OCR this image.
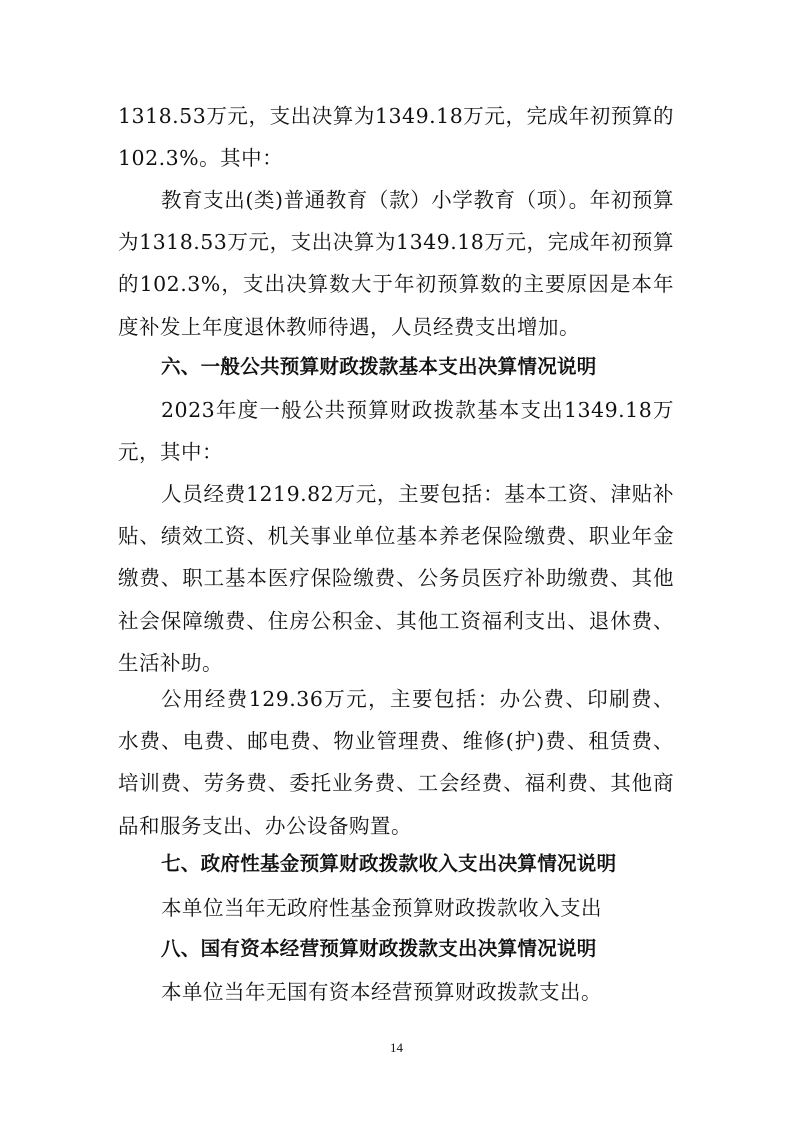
1318.53万元，支出决算为1349.18万元，完成年初预算的102.3%。其中：

教育支出(类)普通教育（款）小学教育（项）。年初预算为1318.53万元，支出决算为1349.18万元，完成年初预算的102.3%，支出决算数大于年初预算数的主要原因是本年度补发上年度退休教师待遇，人员经费支出增加。

六、一般公共预算财政拨款基本支出决算情况说明

2023年度一般公共预算财政拨款基本支出1349.18万元，其中：

人员经费1219.82万元，主要包括：基本工资、津贴补贴、绩效工资、机关事业单位基本养老保险缴费、职业年金缴费、职工基本医疗保险缴费、公务员医疗补助缴费、其他社会保障缴费、住房公积金、其他工资福利支出、退休费、生活补助。

公用经费129.36万元，主要包括：办公费、印刷费、水费、电费、邮电费、物业管理费、维修(护)费、租赁费、培训费、劳务费、委托业务费、工会经费、福利费、其他商品和服务支出、办公设备购置。

七、政府性基金预算财政拨款收入支出决算情况说明

本单位当年无政府性基金预算财政拨款收入支出

八、国有资本经营预算财政拨款支出决算情况说明

本单位当年无国有资本经营预算财政拨款支出。

14
